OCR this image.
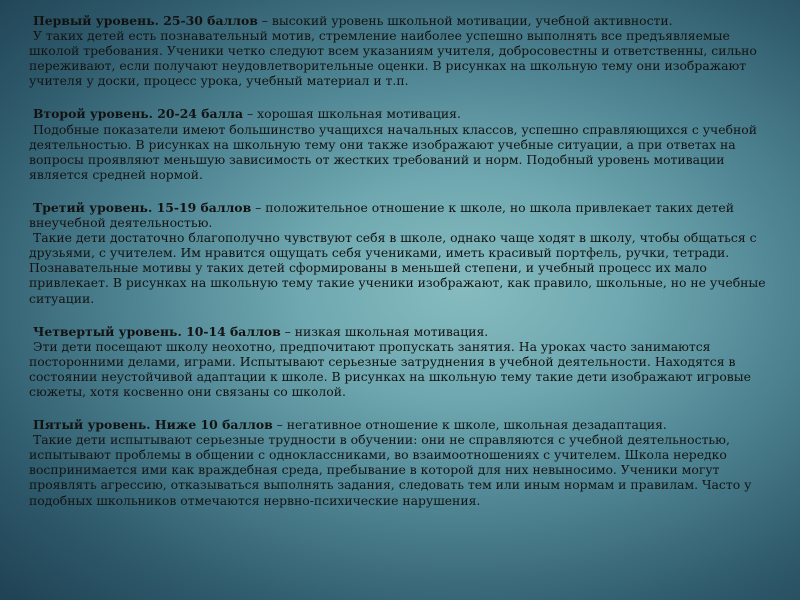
Первый уровень. 25-30 баллов – высокий уровень школьной мотивации, учебной активности.

У таких детей есть познавательный мотив, стремление наиболее успешно выполнять все предъявляемые школой требования. Ученики четко следуют всем указаниям учителя, добросовестны и ответственны, сильно переживают, если получают неудовлетворительные оценки. В рисунках на школьную тему они изображают учителя у доски, процесс урока, учебный материал и т.п.

Второй уровень. 20-24 балла – хорошая школьная мотивация.

Подобные показатели имеют большинство учащихся начальных классов, успешно справляющихся с учебной деятельностью. В рисунках на школьную тему они также изображают учебные ситуации, а при ответах на вопросы проявляют меньшую зависимость от жестких требований и норм. Подобный уровень мотивации является средней нормой.

Третий уровень. 15-19 баллов – положительное отношение к школе, но школа привлекает таких детей внеучебной деятельностью.

Такие дети достаточно благополучно чувствуют себя в школе, однако чаще ходят в школу, чтобы общаться с друзьями, с учителем. Им нравится ощущать себя учениками, иметь красивый портфель, ручки, тетради. Познавательные мотивы у таких детей сформированы в меньшей степени, и учебный процесс их мало привлекает. В рисунках на школьную тему такие ученики изображают, как правило, школьные, но не учебные ситуации.

Четвертый уровень. 10-14 баллов – низкая школьная мотивация.

Эти дети посещают школу неохотно, предпочитают пропускать занятия. На уроках часто занимаются посторонними делами, играми. Испытывают серьезные затруднения в учебной деятельности. Находятся в состоянии неустойчивой адаптации к школе. В рисунках на школьную тему такие дети изображают игровые сюжеты, хотя косвенно они связаны со школой.

Пятый уровень. Ниже 10 баллов – негативное отношение к школе, школьная дезадаптация.

Такие дети испытывают серьезные трудности в обучении: они не справляются с учебной деятельностью, испытывают проблемы в общении с одноклассниками, во взаимоотношениях с учителем. Школа нередко воспринимается ими как враждебная среда, пребывание в которой для них невыносимо. Ученики могут проявлять агрессию, отказываться выполнять задания, следовать тем или иным нормам и правилам. Часто у подобных школьников отмечаются нервно-психические нарушения.
